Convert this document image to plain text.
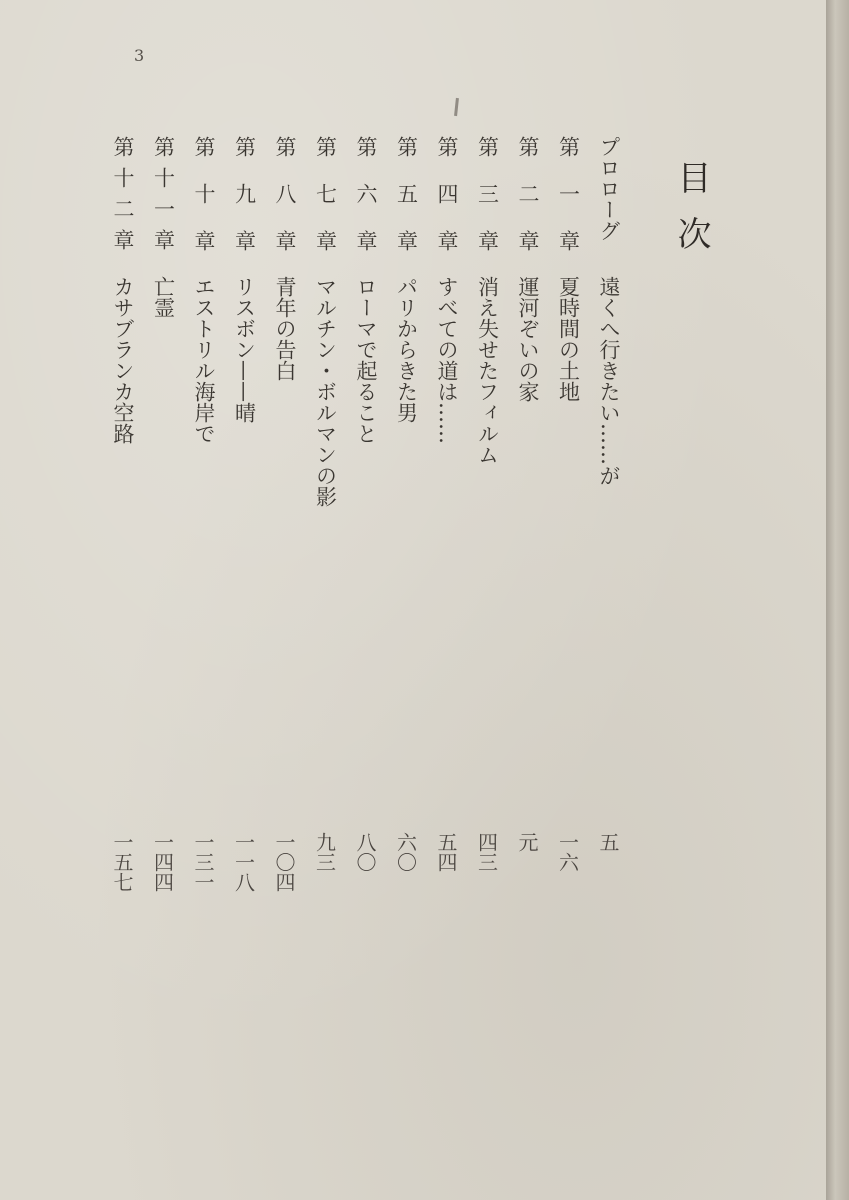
3
目次
プロローグ
遠くへ行きたい……が
五
第一章
夏時間の土地
一六
第二章
運河ぞいの家
元
第三章
消え失せたフィルム
四三
第四章
すべての道は……
五四
第五章
パリからきた男
六〇
第六章
ローマで起ること
八〇
第七章
マルチン・ボルマンの影
九三
第八章
青年の告白
一〇四
第九章
リスボン——晴
一一八
第十章
エストリル海岸で
一三一
第十一章
亡霊
一四四
第十二章
カサブランカ空路
一五七
